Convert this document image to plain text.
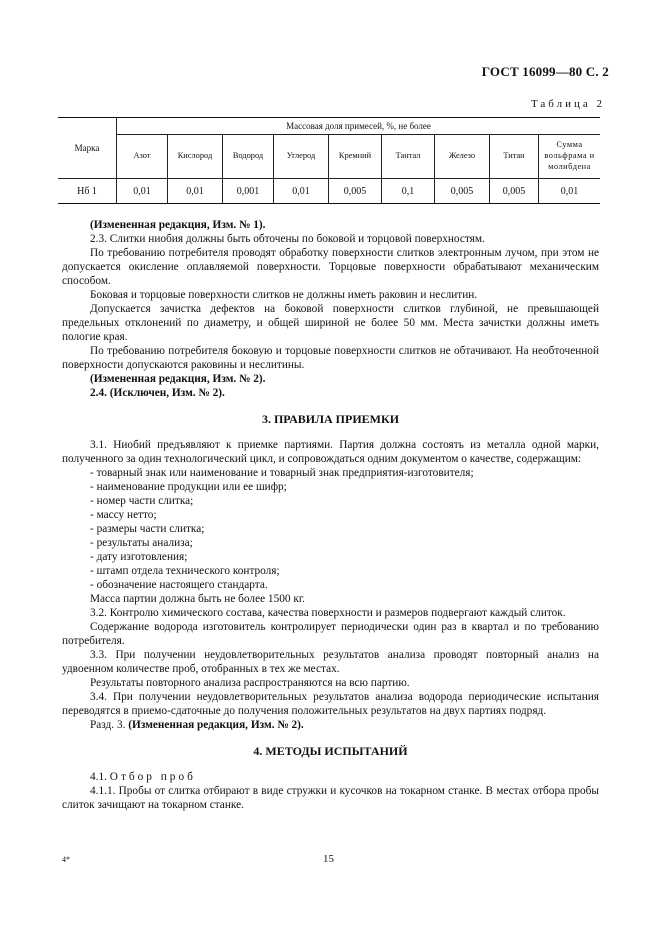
ГОСТ 16099—80 С. 2
Таблица 2
Марка	Массовая доля примесей, %, не более								
	Азот	Кислород	Водород	Углерод	Кремний	Тантал	Железо	Титан	Сумма вольфрама и молибдена
Нб 1	0,01	0,01	0,001	0,01	0,005	0,1	0,005	0,005	0,01

(Измененная редакция, Изм. № 1).

2.3. Слитки ниобия должны быть обточены по боковой и торцовой поверхностям.

По требованию потребителя проводят обработку поверхности слитков электронным лучом, при этом не допускается окисление оплавляемой поверхности. Торцовые поверхности обрабатывают механическим способом.

Боковая и торцовые поверхности слитков не должны иметь раковин и неслитин.

Допускается зачистка дефектов на боковой поверхности слитков глубиной, не превышающей предельных отклонений по диаметру, и общей шириной не более 50 мм. Места зачистки должны иметь пологие края.

По требованию потребителя боковую и торцовые поверхности слитков не обтачивают. На необточенной поверхности допускаются раковины и неслитины.

(Измененная редакция, Изм. № 2).

2.4. (Исключен, Изм. № 2).

3. ПРАВИЛА ПРИЕМКИ

3.1. Ниобий предъявляют к приемке партиями. Партия должна состоять из металла одной марки, полученного за один технологический цикл, и сопровождаться одним документом о качестве, содержащим:

- товарный знак или наименование и товарный знак предприятия-изготовителя;

- наименование продукции или ее шифр;

- номер части слитка;

- массу нетто;

- размеры части слитка;

- результаты анализа;

- дату изготовления;

- штамп отдела технического контроля;

- обозначение настоящего стандарта.

Масса партии должна быть не более 1500 кг.

3.2. Контролю химического состава, качества поверхности и размеров подвергают каждый слиток.

Содержание водорода изготовитель контролирует периодически один раз в квартал и по требованию потребителя.

3.3. При получении неудовлетворительных результатов анализа проводят повторный анализ на удвоенном количестве проб, отобранных в тех же местах.

Результаты повторного анализа распространяются на всю партию.

3.4. При получении неудовлетворительных результатов анализа водорода периодические испытания переводятся в приемо-сдаточные до получения положительных результатов на двух партиях подряд.

Разд. 3. (Измененная редакция, Изм. № 2).

4. МЕТОДЫ ИСПЫТАНИЙ

4.1. Отбор проб

4.1.1. Пробы от слитка отбирают в виде стружки и кусочков на токарном станке. В местах отбора пробы слиток зачищают на токарном станке.

4*	15
